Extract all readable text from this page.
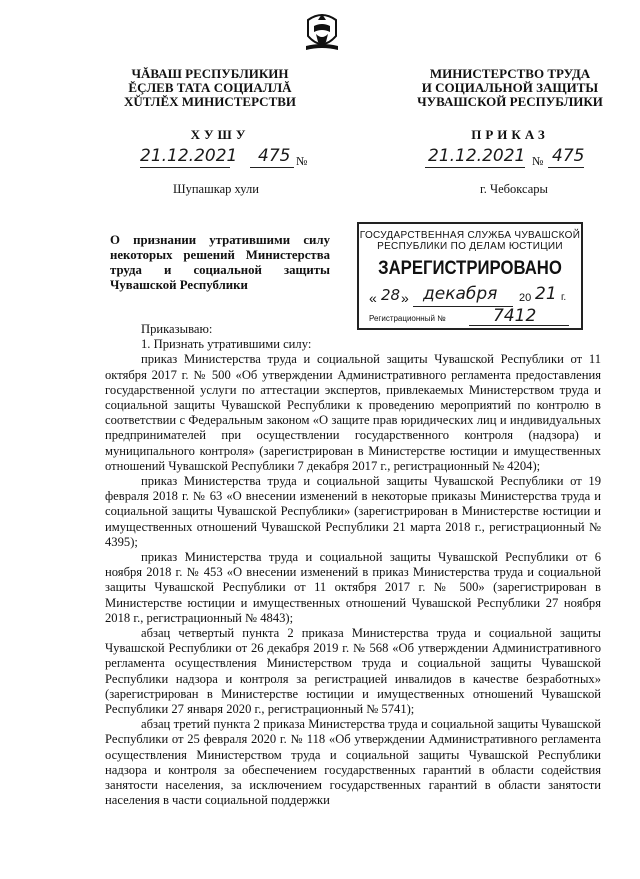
ЧĂВАШ РЕСПУБЛИКИН
ĔÇЛЕВ ТАТА СОЦИАЛЛĂ
ХŬТЛĔХ МИНИСТЕРСТВИ
МИНИСТЕРСТВО ТРУДА
И СОЦИАЛЬНОЙ ЗАЩИТЫ
ЧУВАШСКОЙ РЕСПУБЛИКИ
ХУШУ	ПРИКАЗ
21.12.2021 475 №	21.12.2021 № 475
Шупашкар хули	г. Чебоксары
О признании утратившими силу некоторых решений Министерства труда и социальной защиты Чувашской Республики
ГОСУДАРСТВЕННАЯ СЛУЖБА ЧУВАШСКОЙ
РЕСПУБЛИКИ ПО ДЕЛАМ ЮСТИЦИИ
ЗАРЕГИСТРИРОВАНО
« 28 » декабря 20 21 г.
Регистрационный №	7412

Приказываю:

1. Признать утратившими силу:

приказ Министерства труда и социальной защиты Чувашской Республики от 11 октября 2017 г. № 500 «Об утверждении Административного регламента предоставления государственной услуги по аттестации экспертов, привлекаемых Министерством труда и социальной защиты Чувашской Республики к проведению мероприятий по контролю в соответствии с Федеральным законом «О защите прав юридических лиц и индивидуальных предпринимателей при осуществлении государственного контроля (надзора) и муниципального контроля» (зарегистрирован в Министерстве юстиции и имущественных отношений Чувашской Республики 7 декабря 2017 г., регистрационный № 4204);

приказ Министерства труда и социальной защиты Чувашской Республики от 19 февраля 2018 г. № 63 «О внесении изменений в некоторые приказы Министерства труда и социальной защиты Чувашской Республики» (зарегистрирован в Министерстве юстиции и имущественных отношений Чувашской Республики 21 марта 2018 г., регистрационный № 4395);

приказ Министерства труда и социальной защиты Чувашской Республики от 6 ноября 2018 г. № 453 «О внесении изменений в приказ Министерства труда и социальной защиты Чувашской Республики от 11 октября 2017 г. № 500» (зарегистрирован в Министерстве юстиции и имущественных отношений Чувашской Республики 27 ноября 2018 г., регистрационный № 4843);

абзац четвертый пункта 2 приказа Министерства труда и социальной защиты Чувашской Республики от 26 декабря 2019 г. № 568 «Об утверждении Административного регламента осуществления Министерством труда и социальной защиты Чувашской Республики надзора и контроля за регистрацией инвалидов в качестве безработных» (зарегистрирован в Министерстве юстиции и имущественных отношений Чувашской Республики 27 января 2020 г., регистрационный № 5741);

абзац третий пункта 2 приказа Министерства труда и социальной защиты Чувашской Республики от 25 февраля 2020 г. № 118 «Об утверждении Административного регламента осуществления Министерством труда и социальной защиты Чувашской Республики надзора и контроля за обеспечением государственных гарантий в области содействия занятости населения, за исключением государственных гарантий в области занятости населения в части социальной поддержки
